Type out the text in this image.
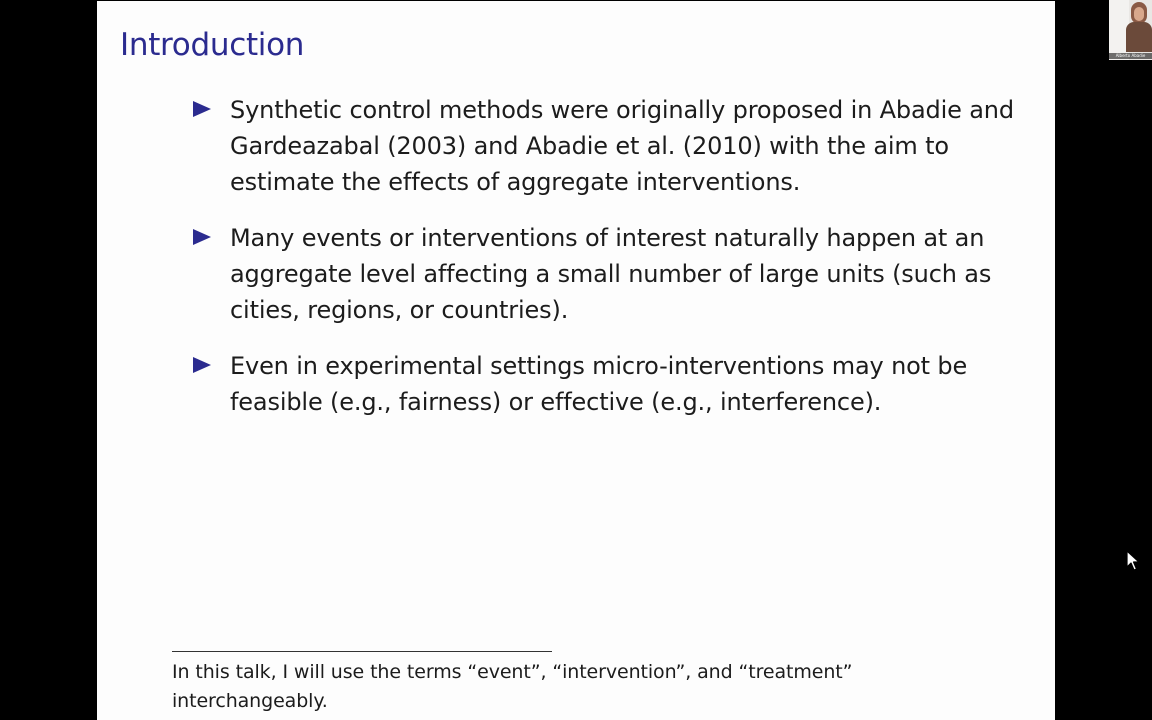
Introduction
Synthetic control methods were originally proposed in Abadie and Gardeazabal (2003) and Abadie et al. (2010) with the aim to estimate the effects of aggregate interventions.
Many events or interventions of interest naturally happen at an aggregate level affecting a small number of large units (such as cities, regions, or countries).
Even in experimental settings micro-interventions may not be feasible (e.g., fairness) or effective (e.g., interference).
In this talk, I will use the terms “event”, “intervention”, and “treatment” interchangeably.
Alberto Abadie
